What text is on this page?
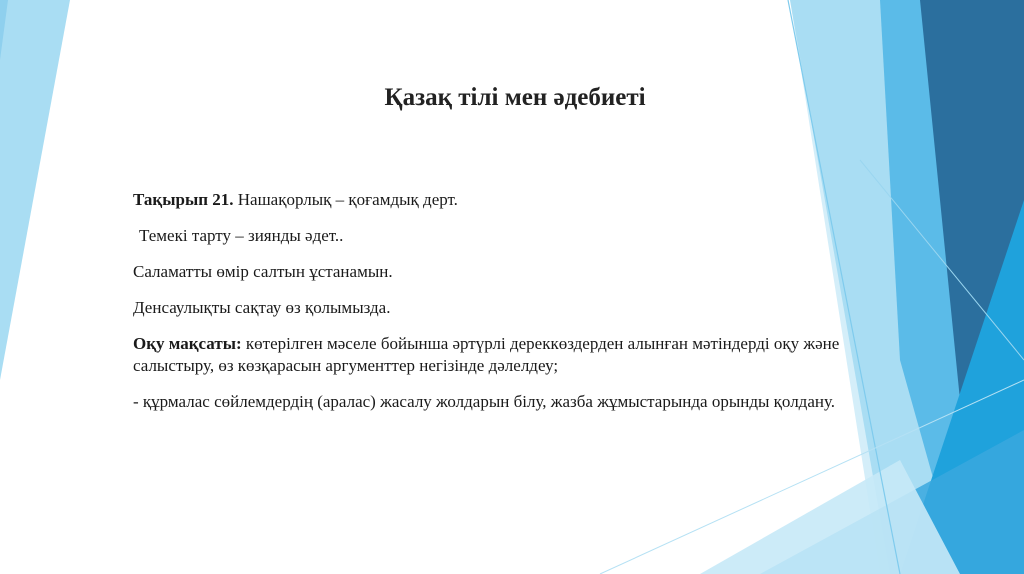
Қазақ тілі мен әдебиеті

Тақырып 21. Нашақорлық – қоғамдық дерт.

Темекі тарту – зиянды әдет..

Саламатты өмір салтын ұстанамын.

Денсаулықты сақтау өз қолымызда.

Оқу мақсаты: көтерілген мәселе бойынша әртүрлі дереккөздерден алынған мәтіндерді оқу және салыстыру, өз көзқарасын аргументтер негізінде дәлелдеу;

- құрмалас сөйлемдердің (аралас) жасалу жолдарын білу, жазба жұмыстарында орынды қолдану.
